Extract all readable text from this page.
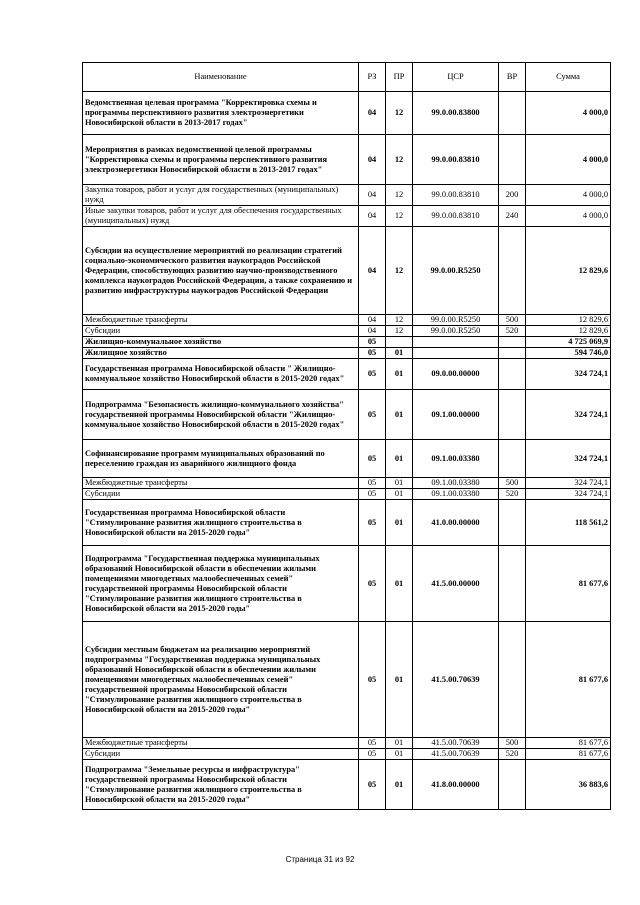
Наименование	РЗ	ПР	ЦСР	ВР	Сумма
Ведомственная целевая программа "Корректировка схемы и программы перспективного развития электроэнергетики Новосибирской области в 2013-2017 годах"	04	12	99.0.00.83800		4 000,0
Мероприятия в рамках ведомственной целевой программы "Корректировка схемы и программы перспективного развития электроэнергетики Новосибирской области в 2013-2017 годах"	04	12	99.0.00.83810		4 000,0
Закупка товаров, работ и услуг для государственных (муниципальных) нужд	04	12	99.0.00.83810	200	4 000,0
Иные закупки товаров, работ и услуг для обеспечения государственных (муниципальных) нужд	04	12	99.0.00.83810	240	4 000,0
Субсидии на осуществление мероприятий по реализации стратегий социально-экономического развития наукоградов Российской Федерации, способствующих развитию научно-производственного комплекса наукоградов Российской Федерации, а также сохранению и развитию инфраструктуры наукоградов Российской Федерации	04	12	99.0.00.R5250		12 829,6
Межбюджетные трансферты	04	12	99.0.00.R5250	500	12 829,6
Субсидии	04	12	99.0.00.R5250	520	12 829,6
Жилищно-коммунальное хозяйство	05				4 725 069,9
Жилищное хозяйство	05	01			594 746,0
Государственная программа Новосибирской области " Жилищно-коммунальное хозяйство Новосибирской области в 2015-2020 годах"	05	01	09.0.00.00000		324 724,1
Подпрограмма "Безопасность жилищно-коммунального хозяйства" государственной программы Новосибирской области "Жилищно-коммунальное хозяйство Новосибирской области в 2015-2020 годах"	05	01	09.1.00.00000		324 724,1
Софинансирование программ муниципальных образований по переселению граждан из аварийного жилищного фонда	05	01	09.1.00.03380		324 724,1
Межбюджетные трансферты	05	01	09.1.00.03380	500	324 724,1
Субсидии	05	01	09.1.00.03380	520	324 724,1
Государственная программа Новосибирской области "Стимулирование развития жилищного строительства в Новосибирской области на 2015-2020 годы"	05	01	41.0.00.00000		118 561,2
Подпрограмма "Государственная поддержка муниципальных образований Новосибирской области в обеспечении жилыми помещениями многодетных малообеспеченных семей" государственной программы Новосибирской области "Стимулирование развития жилищного строительства в Новосибирской области на 2015-2020 годы"	05	01	41.5.00.00000		81 677,6
Субсидии местным бюджетам на реализацию мероприятий подпрограммы "Государственная поддержка муниципальных образований Новосибирской области в обеспечении жилыми помещениями многодетных малообеспеченных семей" государственной программы Новосибирской области "Стимулирование развития жилищного строительства в Новосибирской области на 2015-2020 годы"	05	01	41.5.00.70639		81 677,6
Межбюджетные трансферты	05	01	41.5.00.70639	500	81 677,6
Субсидии	05	01	41.5.00.70639	520	81 677,6
Подпрограмма "Земельные ресурсы и инфраструктура" государственной программы Новосибирской области "Стимулирование развития жилищного строительства в Новосибирской области на 2015-2020 годы"	05	01	41.8.00.00000		36 883,6
Страница 31 из 92
